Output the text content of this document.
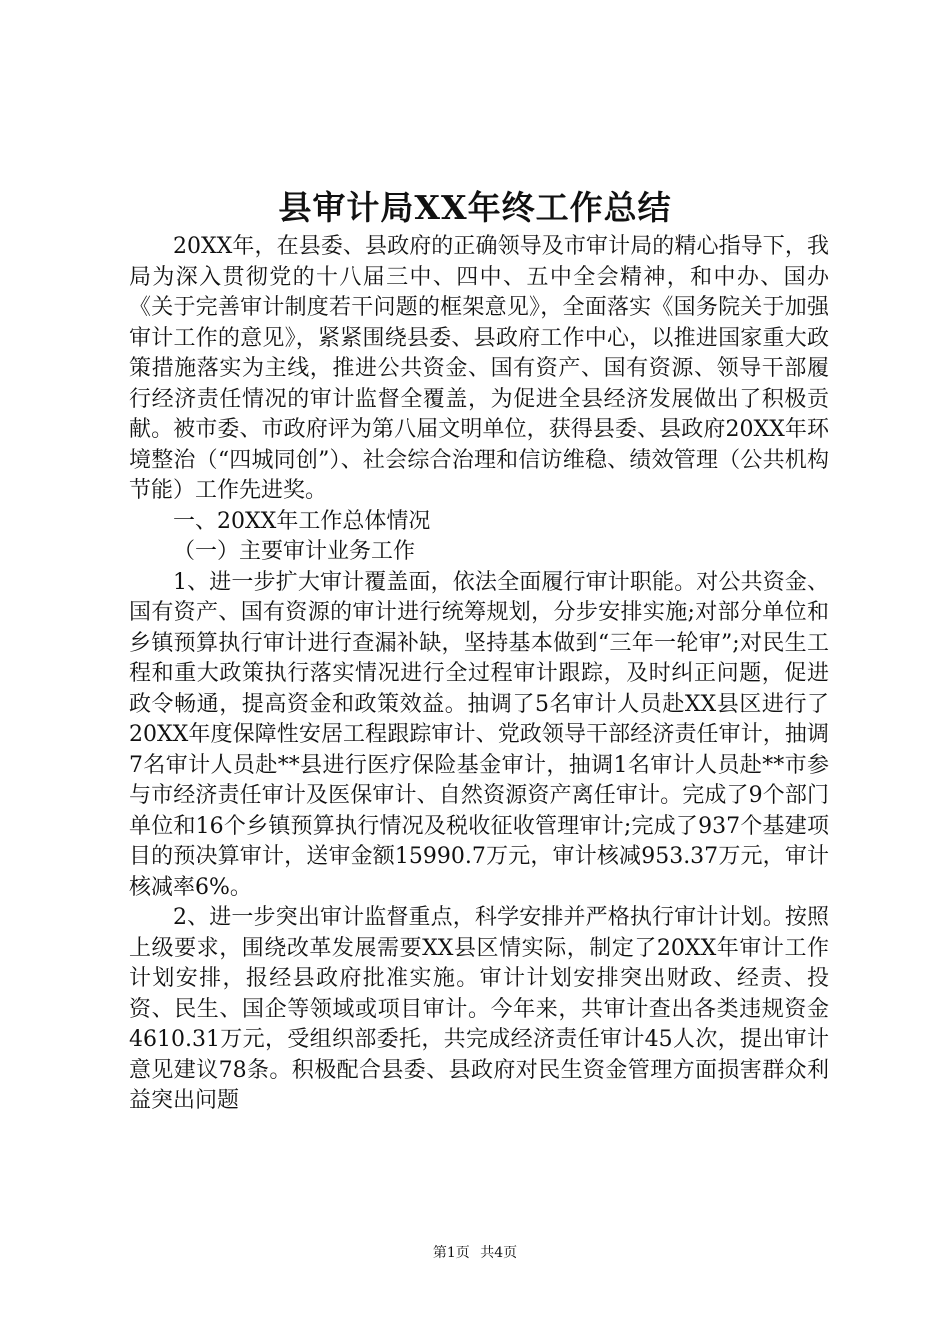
县审计局XX年终工作总结

20XX年，在县委、县政府的正确领导及市审计局的精心指导下，我局为深入贯彻党的十八届三中、四中、五中全会精神，和中办、国办《关于完善审计制度若干问题的框架意见》，全面落实《国务院关于加强审计工作的意见》，紧紧围绕县委、县政府工作中心，以推进国家重大政策措施落实为主线，推进公共资金、国有资产、国有资源、领导干部履行经济责任情况的审计监督全覆盖，为促进全县经济发展做出了积极贡献。被市委、市政府评为第八届文明单位，获得县委、县政府20XX年环境整治（“四城同创”）、社会综合治理和信访维稳、绩效管理（公共机构节能）工作先进奖。

一、20XX年工作总体情况

（一）主要审计业务工作

1、进一步扩大审计覆盖面，依法全面履行审计职能。对公共资金、国有资产、国有资源的审计进行统筹规划，分步安排实施;对部分单位和乡镇预算执行审计进行查漏补缺，坚持基本做到“三年一轮审”;对民生工程和重大政策执行落实情况进行全过程审计跟踪，及时纠正问题，促进政令畅通，提高资金和政策效益。抽调了5名审计人员赴XX县区进行了20XX年度保障性安居工程跟踪审计、党政领导干部经济责任审计，抽调7名审计人员赴**县进行医疗保险基金审计，抽调1名审计人员赴**市参与市经济责任审计及医保审计、自然资源资产离任审计。完成了9个部门单位和16个乡镇预算执行情况及税收征收管理审计;完成了937个基建项目的预决算审计，送审金额15990.7万元，审计核减953.37万元，审计核减率6%。

2、进一步突出审计监督重点，科学安排并严格执行审计计划。按照上级要求，围绕改革发展需要XX县区情实际，制定了20XX年审计工作计划安排，报经县政府批准实施。审计计划安排突出财政、经责、投资、民生、国企等领域或项目审计。今年来，共审计查出各类违规资金4610.31万元，受组织部委托，共完成经济责任审计45人次，提出审计意见建议78条。积极配合县委、县政府对民生资金管理方面损害群众利益突出问题

第1页 共4页
